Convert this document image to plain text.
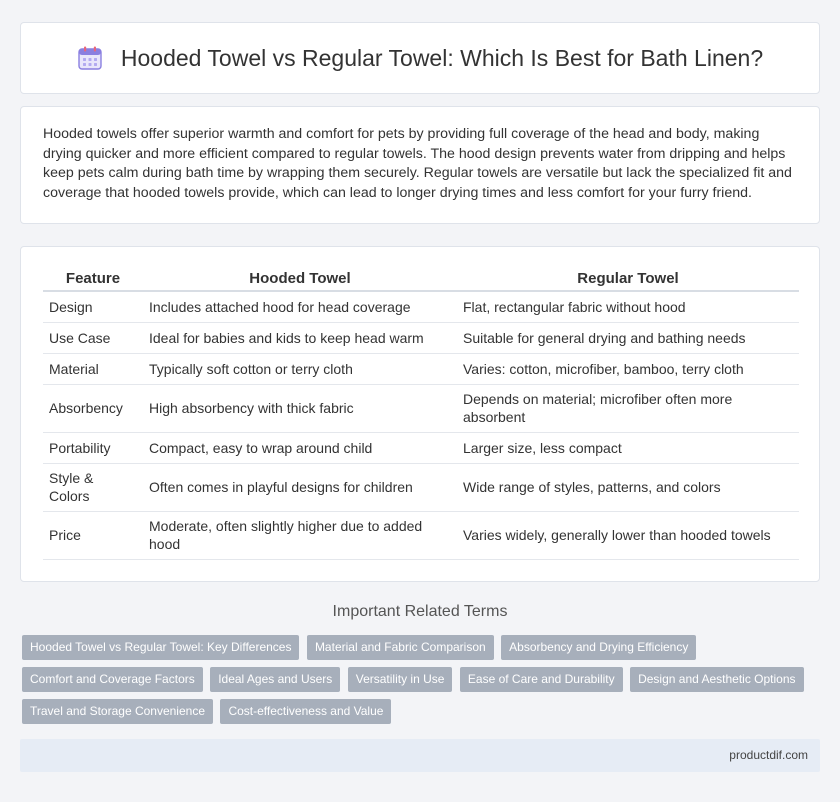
Hooded Towel vs Regular Towel: Which Is Best for Bath Linen?

Hooded towels offer superior warmth and comfort for pets by providing full coverage of the head and body, making drying quicker and more efficient compared to regular towels. The hood design prevents water from dripping and helps keep pets calm during bath time by wrapping them securely. Regular towels are versatile but lack the specialized fit and coverage that hooded towels provide, which can lead to longer drying times and less comfort for your furry friend.

Feature	Hooded Towel	Regular Towel
Design	Includes attached hood for head coverage	Flat, rectangular fabric without hood
Use Case	Ideal for babies and kids to keep head warm	Suitable for general drying and bathing needs
Material	Typically soft cotton or terry cloth	Varies: cotton, microfiber, bamboo, terry cloth
Absorbency	High absorbency with thick fabric	Depends on material; microfiber often more absorbent
Portability	Compact, easy to wrap around child	Larger size, less compact
Style & Colors	Often comes in playful designs for children	Wide range of styles, patterns, and colors
Price	Moderate, often slightly higher due to added hood	Varies widely, generally lower than hooded towels
Important Related Terms
Hooded Towel vs Regular Towel: Key Differences Material and Fabric Comparison Absorbency and Drying Efficiency Comfort and Coverage Factors Ideal Ages and Users Versatility in Use Ease of Care and Durability Design and Aesthetic Options Travel and Storage Convenience Cost-effectiveness and Value
productdif.com
